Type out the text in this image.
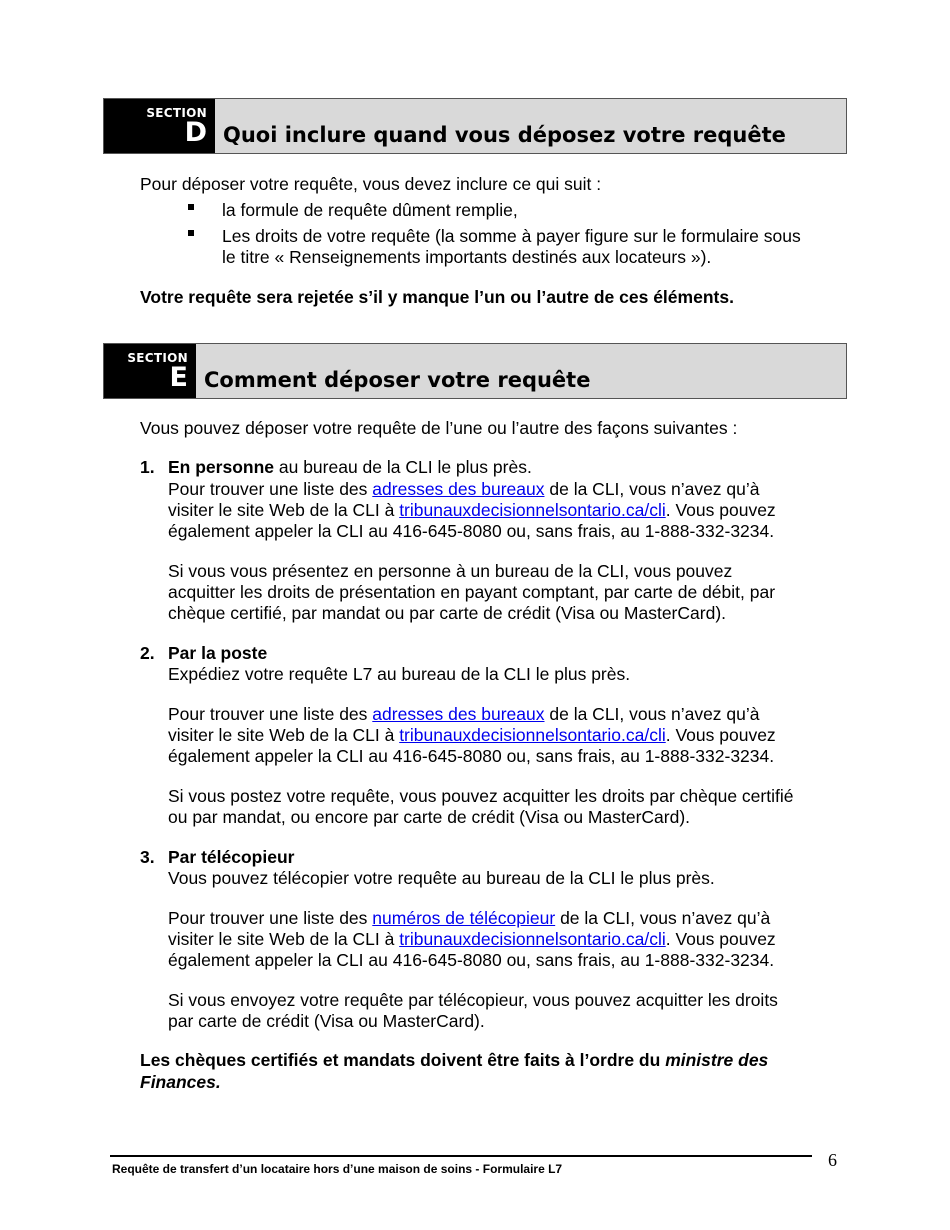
SECTION
D Quoi inclure quand vous déposez votre requête
Pour déposer votre requête, vous devez inclure ce qui suit :
la formule de requête dûment remplie,
Les droits de votre requête (la somme à payer figure sur le formulaire sous
le titre « Renseignements importants destinés aux locateurs »).
Votre requête sera rejetée s’il y manque l’un ou l’autre de ces éléments.
SECTION
E Comment déposer votre requête
Vous pouvez déposer votre requête de l’une ou l’autre des façons suivantes :
1. En personne au bureau de la CLI le plus près.
Pour trouver une liste des adresses des bureaux de la CLI, vous n’avez qu’à
visiter le site Web de la CLI à tribunauxdecisionnelsontario.ca/cli. Vous pouvez
également appeler la CLI au 416-645-8080 ou, sans frais, au 1-888-332-3234.
Si vous vous présentez en personne à un bureau de la CLI, vous pouvez
acquitter les droits de présentation en payant comptant, par carte de débit, par
chèque certifié, par mandat ou par carte de crédit (Visa ou MasterCard).
2. Par la poste
Expédiez votre requête L7 au bureau de la CLI le plus près.
Pour trouver une liste des adresses des bureaux de la CLI, vous n’avez qu’à
visiter le site Web de la CLI à tribunauxdecisionnelsontario.ca/cli. Vous pouvez
également appeler la CLI au 416-645-8080 ou, sans frais, au 1-888-332-3234.
Si vous postez votre requête, vous pouvez acquitter les droits par chèque certifié
ou par mandat, ou encore par carte de crédit (Visa ou MasterCard).
3. Par télécopieur
Vous pouvez télécopier votre requête au bureau de la CLI le plus près.
Pour trouver une liste des numéros de télécopieur de la CLI, vous n’avez qu’à
visiter le site Web de la CLI à tribunauxdecisionnelsontario.ca/cli. Vous pouvez
également appeler la CLI au 416-645-8080 ou, sans frais, au 1-888-332-3234.
Si vous envoyez votre requête par télécopieur, vous pouvez acquitter les droits
par carte de crédit (Visa ou MasterCard).
Les chèques certifiés et mandats doivent être faits à l’ordre du ministre des
Finances.
Requête de transfert d’un locataire hors d’une maison de soins - Formulaire L7	6
